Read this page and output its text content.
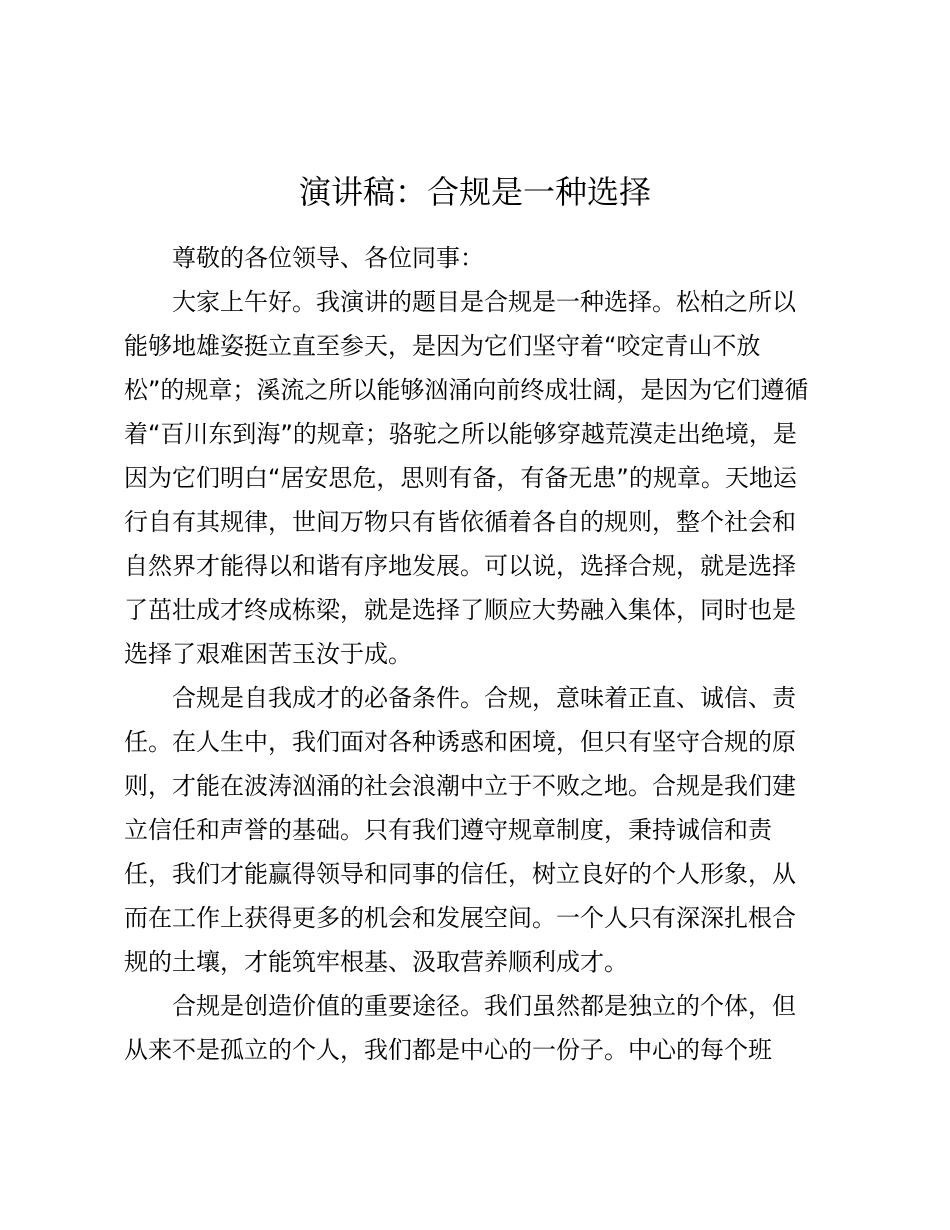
演讲稿：合规是一种选择
尊敬的各位领导、各位同事：
大家上午好。我演讲的题目是合规是一种选择。松柏之所以
能够地雄姿挺立直至参天，是因为它们坚守着“咬定青山不放
松”的规章；溪流之所以能够汹涌向前终成壮阔，是因为它们遵循
着“百川东到海”的规章；骆驼之所以能够穿越荒漠走出绝境，是
因为它们明白“居安思危，思则有备，有备无患”的规章。天地运
行自有其规律，世间万物只有皆依循着各自的规则，整个社会和
自然界才能得以和谐有序地发展。可以说，选择合规，就是选择
了茁壮成才终成栋梁，就是选择了顺应大势融入集体，同时也是
选择了艰难困苦玉汝于成。
合规是自我成才的必备条件。合规，意味着正直、诚信、责
任。在人生中，我们面对各种诱惑和困境，但只有坚守合规的原
则，才能在波涛汹涌的社会浪潮中立于不败之地。合规是我们建
立信任和声誉的基础。只有我们遵守规章制度，秉持诚信和责
任，我们才能赢得领导和同事的信任，树立良好的个人形象，从
而在工作上获得更多的机会和发展空间。一个人只有深深扎根合
规的土壤，才能筑牢根基、汲取营养顺利成才。
合规是创造价值的重要途径。我们虽然都是独立的个体，但
从来不是孤立的个人，我们都是中心的一份子。中心的每个班
